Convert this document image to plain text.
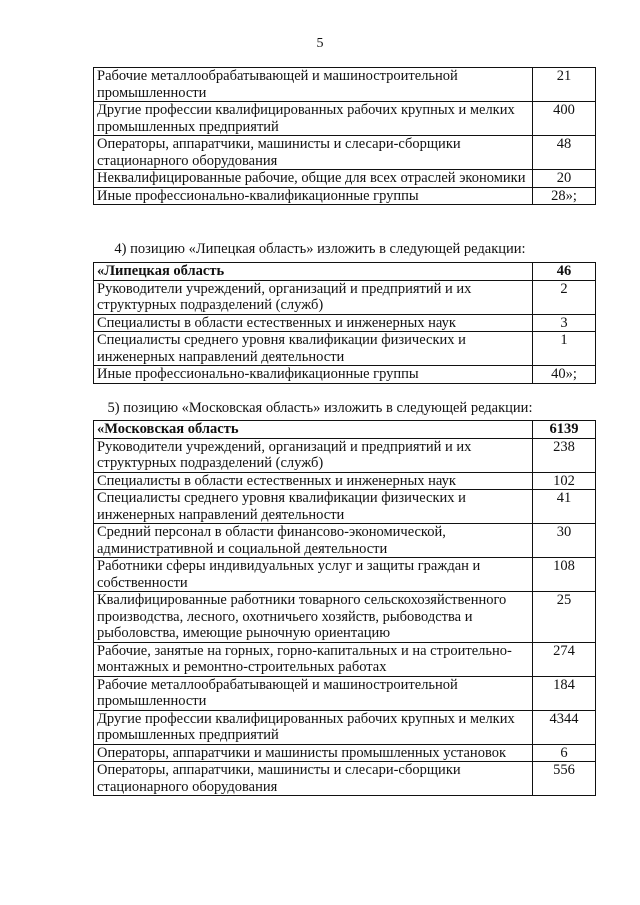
5
Рабочие металлообрабатывающей и машиностроительной промышленности	21
Другие профессии квалифицированных рабочих крупных и мелких промышленных предприятий	400
Операторы, аппаратчики, машинисты и слесари-сборщики стационарного оборудования	48
Неквалифицированные рабочие, общие для всех отраслей экономики	20
Иные профессионально-квалификационные группы	28»;
4) позицию «Липецкая область» изложить в следующей редакции:
«Липецкая область	46
Руководители учреждений, организаций и предприятий и их структурных подразделений (служб)	2
Специалисты в области естественных и инженерных наук	3
Специалисты среднего уровня квалификации физических и инженерных направлений деятельности	1
Иные профессионально-квалификационные группы	40»;
5) позицию «Московская область» изложить в следующей редакции:
«Московская область	6139
Руководители учреждений, организаций и предприятий и их структурных подразделений (служб)	238
Специалисты в области естественных и инженерных наук	102
Специалисты среднего уровня квалификации физических и инженерных направлений деятельности	41
Средний персонал в области финансово-экономической, административной и социальной деятельности	30
Работники сферы индивидуальных услуг и защиты граждан и собственности	108
Квалифицированные работники товарного сельскохозяйственного производства, лесного, охотничьего хозяйств, рыбоводства и рыболовства, имеющие рыночную ориентацию	25
Рабочие, занятые на горных, горно-капитальных и на строительно-монтажных и ремонтно-строительных работах	274
Рабочие металлообрабатывающей и машиностроительной промышленности	184
Другие профессии квалифицированных рабочих крупных и мелких промышленных предприятий	4344
Операторы, аппаратчики и машинисты промышленных установок	6
Операторы, аппаратчики, машинисты и слесари-сборщики стационарного оборудования	556
